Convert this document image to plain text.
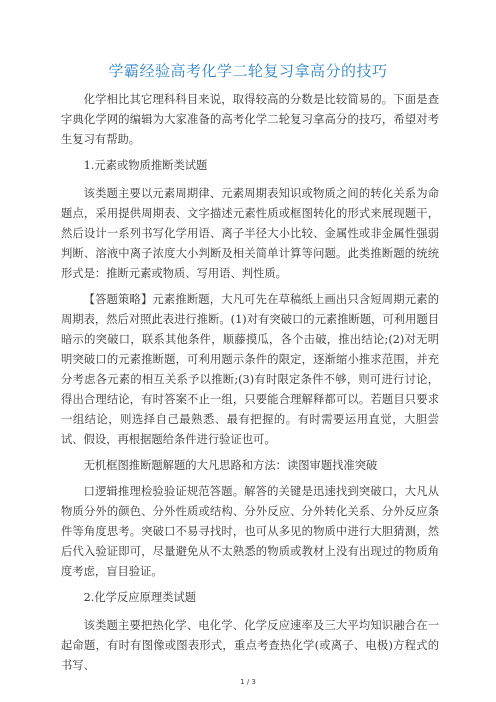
学霸经验高考化学二轮复习拿高分的技巧

化学相比其它理科科目来说，取得较高的分数是比较简易的。下面是查字典化学网的编辑为大家准备的高考化学二轮复习拿高分的技巧，希望对考生复习有帮助。

1.元素或物质推断类试题

该类题主要以元素周期律、元素周期表知识或物质之间的转化关系为命题点，采用提供周期表、文字描述元素性质或框图转化的形式来展现题干，然后设计一系列书写化学用语、离子半径大小比较、金属性或非金属性强弱判断、溶液中离子浓度大小判断及相关简单计算等问题。此类推断题的统统形式是：推断元素或物质、写用语、判性质。

【答题策略】元素推断题，大凡可先在草稿纸上画出只含短周期元素的周期表，然后对照此表进行推断。(1)对有突破口的元素推断题，可利用题目暗示的突破口，联系其他条件，顺藤摸瓜，各个击破，推出结论;(2)对无明明突破口的元素推断题，可利用题示条件的限定，逐渐缩小推求范围，并充分考虑各元素的相互关系予以推断;(3)有时限定条件不够，则可进行讨论，得出合理结论，有时答案不止一组，只要能合理解释都可以。若题目只要求一组结论，则选择自己最熟悉、最有把握的。有时需要运用直觉，大胆尝试、假设，再根据题给条件进行验证也可。

无机框图推断题解题的大凡思路和方法：读图审题找准突破

口逻辑推理检验验证规范答题。解答的关键是迅速找到突破口，大凡从物质分外的颜色、分外性质或结构、分外反应、分外转化关系、分外反应条件等角度思考。突破口不易寻找时，也可从多见的物质中进行大胆猜测，然后代入验证即可，尽量避免从不太熟悉的物质或教材上没有出现过的物质角度考虑，盲目验证。

2.化学反应原理类试题

该类题主要把热化学、电化学、化学反应速率及三大平均知识融合在一起命题，有时有图像或图表形式，重点考查热化学(或离子、电极)方程式的书写、

1 / 3
